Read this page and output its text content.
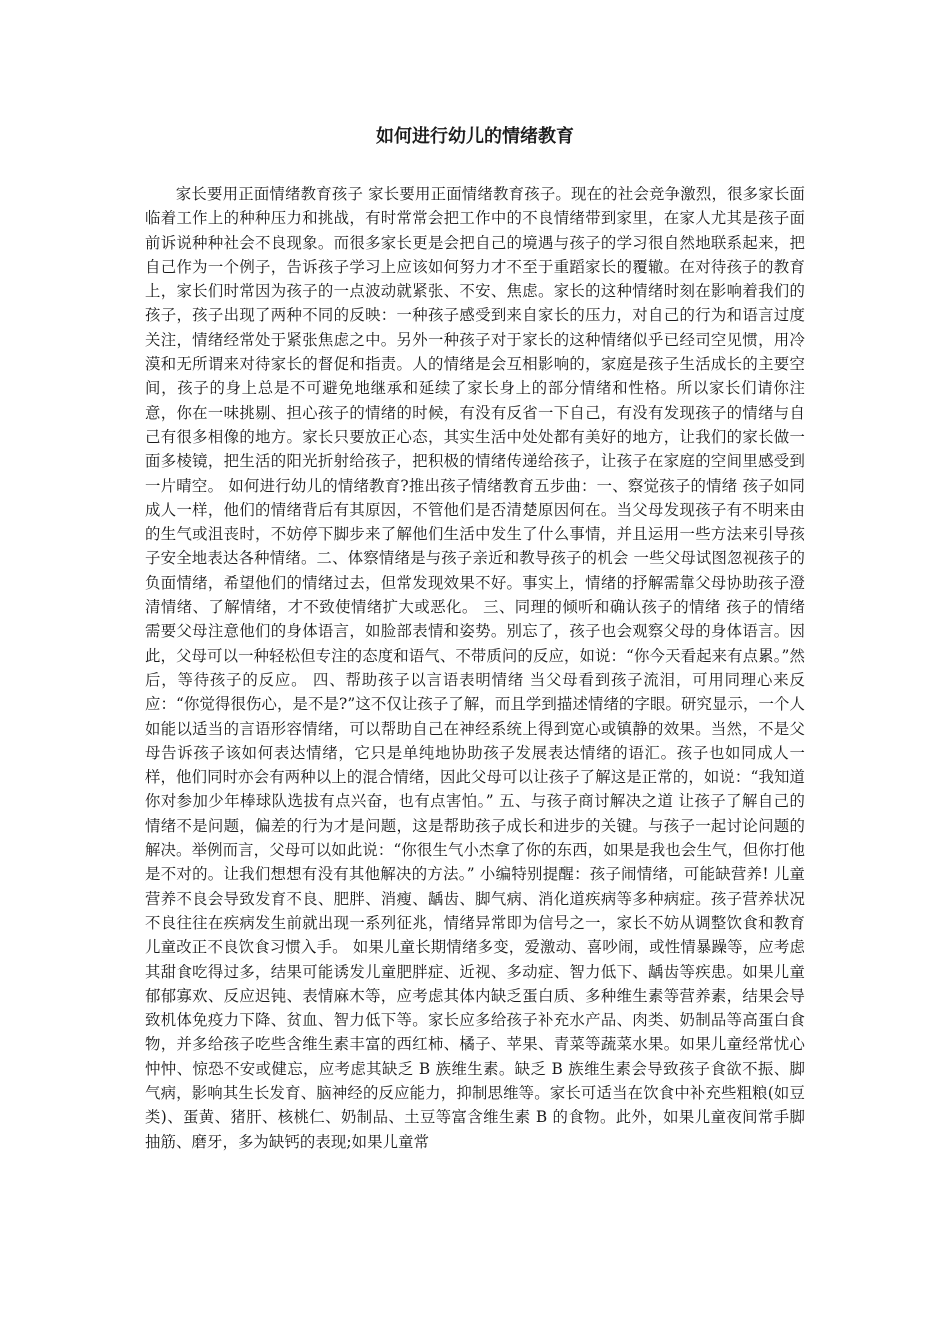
如何进行幼儿的情绪教育

家长要用正面情绪教育孩子 家长要用正面情绪教育孩子。现在的社会竞争激烈，很多家长面临着工作上的种种压力和挑战，有时常常会把工作中的不良情绪带到家里，在家人尤其是孩子面前诉说种种社会不良现象。而很多家长更是会把自己的境遇与孩子的学习很自然地联系起来，把自己作为一个例子，告诉孩子学习上应该如何努力才不至于重蹈家长的覆辙。在对待孩子的教育上，家长们时常因为孩子的一点波动就紧张、不安、焦虑。家长的这种情绪时刻在影响着我们的孩子，孩子出现了两种不同的反映：一种孩子感受到来自家长的压力，对自己的行为和语言过度关注，情绪经常处于紧张焦虑之中。另外一种孩子对于家长的这种情绪似乎已经司空见惯，用冷漠和无所谓来对待家长的督促和指责。人的情绪是会互相影响的，家庭是孩子生活成长的主要空间，孩子的身上总是不可避免地继承和延续了家长身上的部分情绪和性格。所以家长们请你注意，你在一味挑剔、担心孩子的情绪的时候，有没有反省一下自己，有没有发现孩子的情绪与自己有很多相像的地方。家长只要放正心态，其实生活中处处都有美好的地方，让我们的家长做一面多棱镜，把生活的阳光折射给孩子，把积极的情绪传递给孩子，让孩子在家庭的空间里感受到一片晴空。 如何进行幼儿的情绪教育?推出孩子情绪教育五步曲：一、察觉孩子的情绪 孩子如同成人一样，他们的情绪背后有其原因，不管他们是否清楚原因何在。当父母发现孩子有不明来由的生气或沮丧时，不妨停下脚步来了解他们生活中发生了什么事情，并且运用一些方法来引导孩子安全地表达各种情绪。二、体察情绪是与孩子亲近和教导孩子的机会 一些父母试图忽视孩子的负面情绪，希望他们的情绪过去，但常发现效果不好。事实上，情绪的抒解需靠父母协助孩子澄清情绪、了解情绪，才不致使情绪扩大或恶化。 三、同理的倾听和确认孩子的情绪 孩子的情绪需要父母注意他们的身体语言，如脸部表情和姿势。别忘了，孩子也会观察父母的身体语言。因此，父母可以一种轻松但专注的态度和语气、不带质问的反应，如说：“你今天看起来有点累。”然后，等待孩子的反应。 四、帮助孩子以言语表明情绪 当父母看到孩子流泪，可用同理心来反应：“你觉得很伤心，是不是?”这不仅让孩子了解，而且学到描述情绪的字眼。研究显示，一个人如能以适当的言语形容情绪，可以帮助自己在神经系统上得到宽心或镇静的效果。当然，不是父母告诉孩子该如何表达情绪，它只是单纯地协助孩子发展表达情绪的语汇。孩子也如同成人一样，他们同时亦会有两种以上的混合情绪，因此父母可以让孩子了解这是正常的，如说：“我知道你对参加少年棒球队选拔有点兴奋，也有点害怕。” 五、与孩子商讨解决之道 让孩子了解自己的情绪不是问题，偏差的行为才是问题，这是帮助孩子成长和进步的关键。与孩子一起讨论问题的解决。举例而言，父母可以如此说：“你很生气小杰拿了你的东西，如果是我也会生气，但你打他是不对的。让我们想想有没有其他解决的方法。” 小编特别提醒：孩子闹情绪，可能缺营养! 儿童营养不良会导致发育不良、肥胖、消瘦、龋齿、脚气病、消化道疾病等多种病症。孩子营养状况不良往往在疾病发生前就出现一系列征兆，情绪异常即为信号之一，家长不妨从调整饮食和教育儿童改正不良饮食习惯入手。 如果儿童长期情绪多变，爱激动、喜吵闹，或性情暴躁等，应考虑其甜食吃得过多，结果可能诱发儿童肥胖症、近视、多动症、智力低下、龋齿等疾患。如果儿童郁郁寡欢、反应迟钝、表情麻木等，应考虑其体内缺乏蛋白质、多种维生素等营养素，结果会导致机体免疫力下降、贫血、智力低下等。家长应多给孩子补充水产品、肉类、奶制品等高蛋白食物，并多给孩子吃些含维生素丰富的西红柿、橘子、苹果、青菜等蔬菜水果。如果儿童经常忧心忡忡、惊恐不安或健忘，应考虑其缺乏 B 族维生素。缺乏 B 族维生素会导致孩子食欲不振、脚气病，影响其生长发育、脑神经的反应能力，抑制思维等。家长可适当在饮食中补充些粗粮(如豆类)、蛋黄、猪肝、核桃仁、奶制品、土豆等富含维生素 B 的食物。此外，如果儿童夜间常手脚抽筋、磨牙，多为缺钙的表现;如果儿童常
